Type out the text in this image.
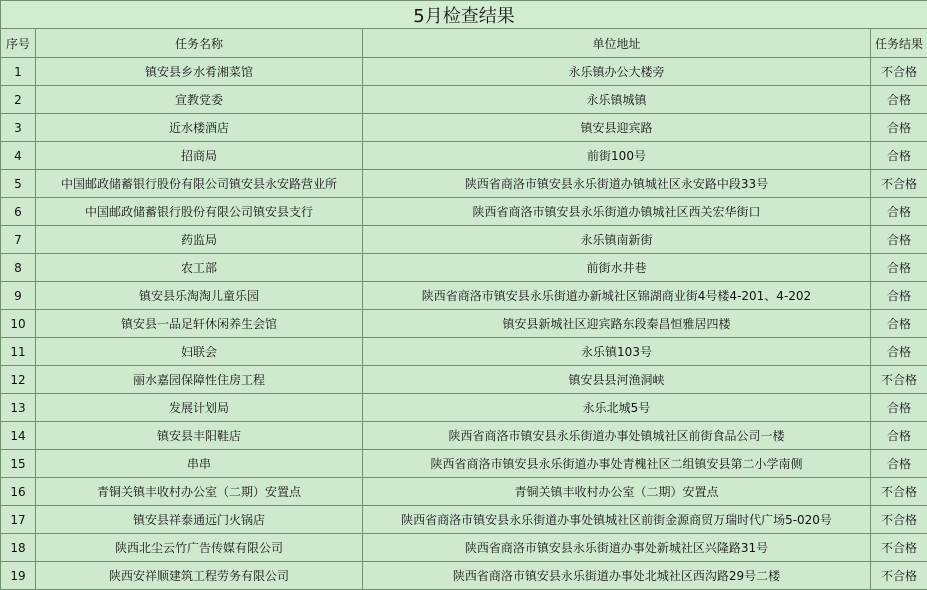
5月检查结果			
序号	任务名称	单位地址	任务结果
1	镇安县乡水肴湘菜馆	永乐镇办公大楼旁	不合格
2	宣教党委	永乐镇城镇	合格
3	近水楼酒店	镇安县迎宾路	合格
4	招商局	前街100号	合格
5	中国邮政储蓄银行股份有限公司镇安县永安路营业所	陕西省商洛市镇安县永乐街道办镇城社区永安路中段33号	不合格
6	中国邮政储蓄银行股份有限公司镇安县支行	陕西省商洛市镇安县永乐街道办镇城社区西关宏华街口	合格
7	药监局	永乐镇南新街	合格
8	农工部	前街水井巷	合格
9	镇安县乐淘淘儿童乐园	陕西省商洛市镇安县永乐街道办新城社区锦湖商业街4号楼4-201、4-202	合格
10	镇安县一品足轩休闲养生会馆	镇安县新城社区迎宾路东段秦昌恒雅居四楼	合格
11	妇联会	永乐镇103号	合格
12	丽水嘉园保障性住房工程	镇安县县河渔洞峡	不合格
13	发展计划局	永乐北城5号	合格
14	镇安县丰阳鞋店	陕西省商洛市镇安县永乐街道办事处镇城社区前街食品公司一楼	合格
15	串串	陕西省商洛市镇安县永乐街道办事处青槐社区二组镇安县第二小学南侧	合格
16	青铜关镇丰收村办公室（二期）安置点	青铜关镇丰收村办公室（二期）安置点	不合格
17	镇安县祥泰通远门火锅店	陕西省商洛市镇安县永乐街道办事处镇城社区前街金源商贸万瑞时代广场5-020号	不合格
18	陕西北尘云竹广告传媒有限公司	陕西省商洛市镇安县永乐街道办事处新城社区兴隆路31号	不合格
19	陕西安祥顺建筑工程劳务有限公司	陕西省商洛市镇安县永乐街道办事处北城社区西沟路29号二楼	不合格
